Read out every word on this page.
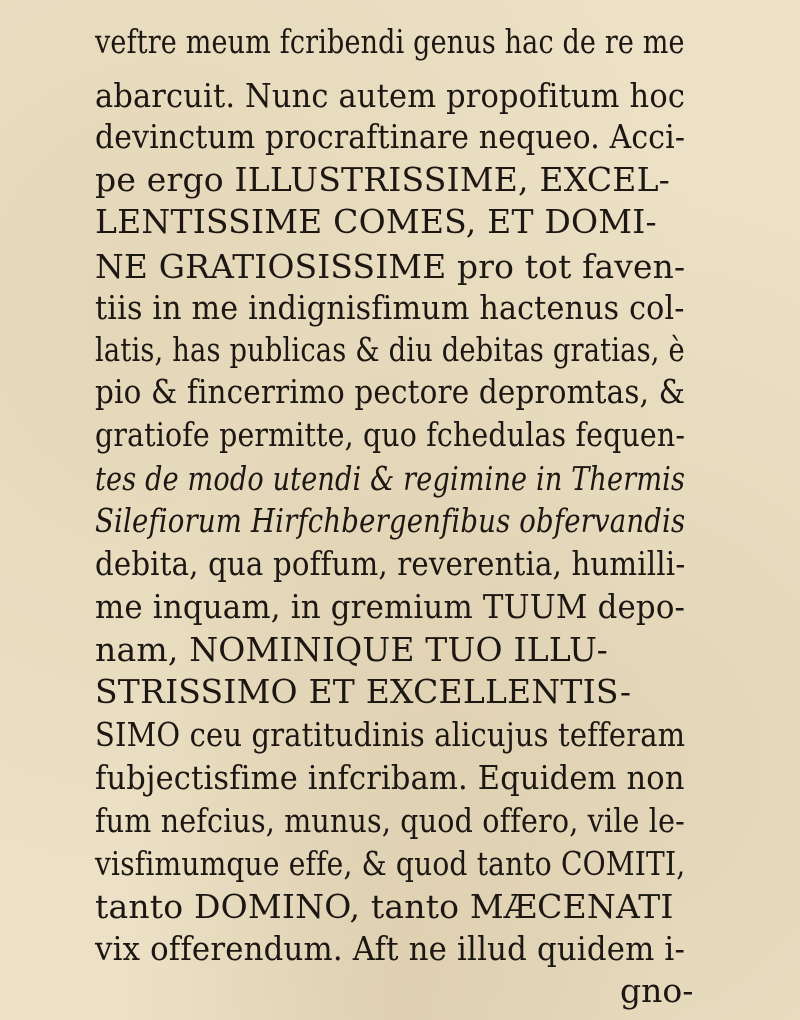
veftre meum fcribendi genus hac de re me
abarcuit. Nunc autem propofitum hoc
devinctum procraftinare nequeo. Acci-
pe ergo ILLUSTRISSIME, EXCEL-
LENTISSIME COMES, ET DOMI-
NE GRATIOSISSIME pro tot faven-
tiis in me indignisfimum hactenus col-
latis, has publicas & diu debitas gratias, è
pio & fincerrimo pectore depromtas, &
gratiofe permitte, quo fchedulas fequen-
tes de modo utendi & regimine in Thermis
Silefiorum Hirfchbergenfibus obfervandis
debita, qua poffum, reverentia, humilli-
me inquam, in gremium TUUM depo-
nam, NOMINIQUE TUO ILLU-
STRISSIMO ET EXCELLENTIS-
SIMO ceu gratitudinis alicujus tefferam
fubjectisfime infcribam. Equidem non
fum nefcius, munus, quod offero, vile le-
visfimumque effe, & quod tanto COMITI,
tanto DOMINO, tanto MÆCENATI
vix offerendum. Aft ne illud quidem i-
gno-
